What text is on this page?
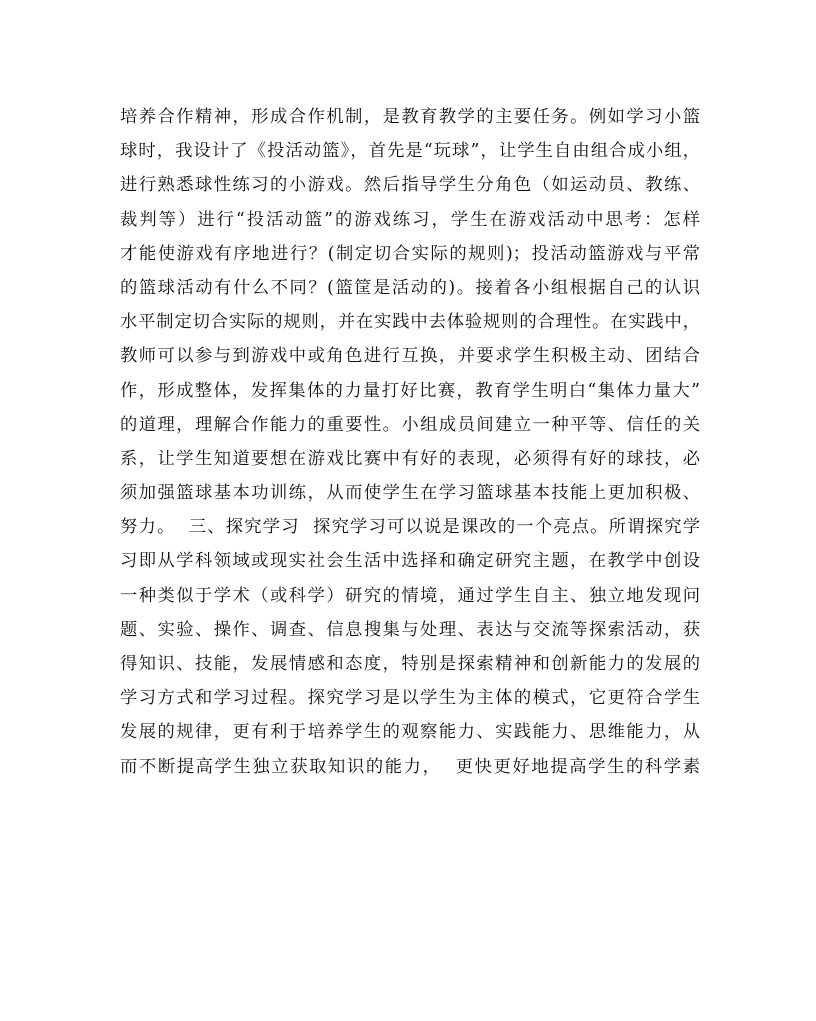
培养合作精神，形成合作机制，是教育教学的主要任务。例如学习小篮
球时，我设计了《投活动篮》，首先是“玩球”，让学生自由组合成小组，
进行熟悉球性练习的小游戏。然后指导学生分角色（如运动员、教练、
裁判等）进行“投活动篮”的游戏练习，学生在游戏活动中思考：怎样
才能使游戏有序地进行？(制定切合实际的规则)；投活动篮游戏与平常
的篮球活动有什么不同？(篮筐是活动的)。接着各小组根据自己的认识
水平制定切合实际的规则，并在实践中去体验规则的合理性。在实践中，
教师可以参与到游戏中或角色进行互换，并要求学生积极主动、团结合
作，形成整体，发挥集体的力量打好比赛，教育学生明白“集体力量大”
的道理，理解合作能力的重要性。小组成员间建立一种平等、信任的关
系，让学生知道要想在游戏比赛中有好的表现，必须得有好的球技，必
须加强篮球基本功训练，从而使学生在学习篮球基本技能上更加积极、
努力。  三、探究学习  探究学习可以说是课改的一个亮点。所谓探究学
习即从学科领域或现实社会生活中选择和确定研究主题，在教学中创设
一种类似于学术（或科学）研究的情境，通过学生自主、独立地发现问
题、实验、操作、调查、信息搜集与处理、表达与交流等探索活动，获
得知识、技能，发展情感和态度，特别是探索精神和创新能力的发展的
学习方式和学习过程。探究学习是以学生为主体的模式，它更符合学生
发展的规律，更有利于培养学生的观察能力、实践能力、思维能力，从
而不断提高学生独立获取知识的能力，  更快更好地提高学生的科学素
